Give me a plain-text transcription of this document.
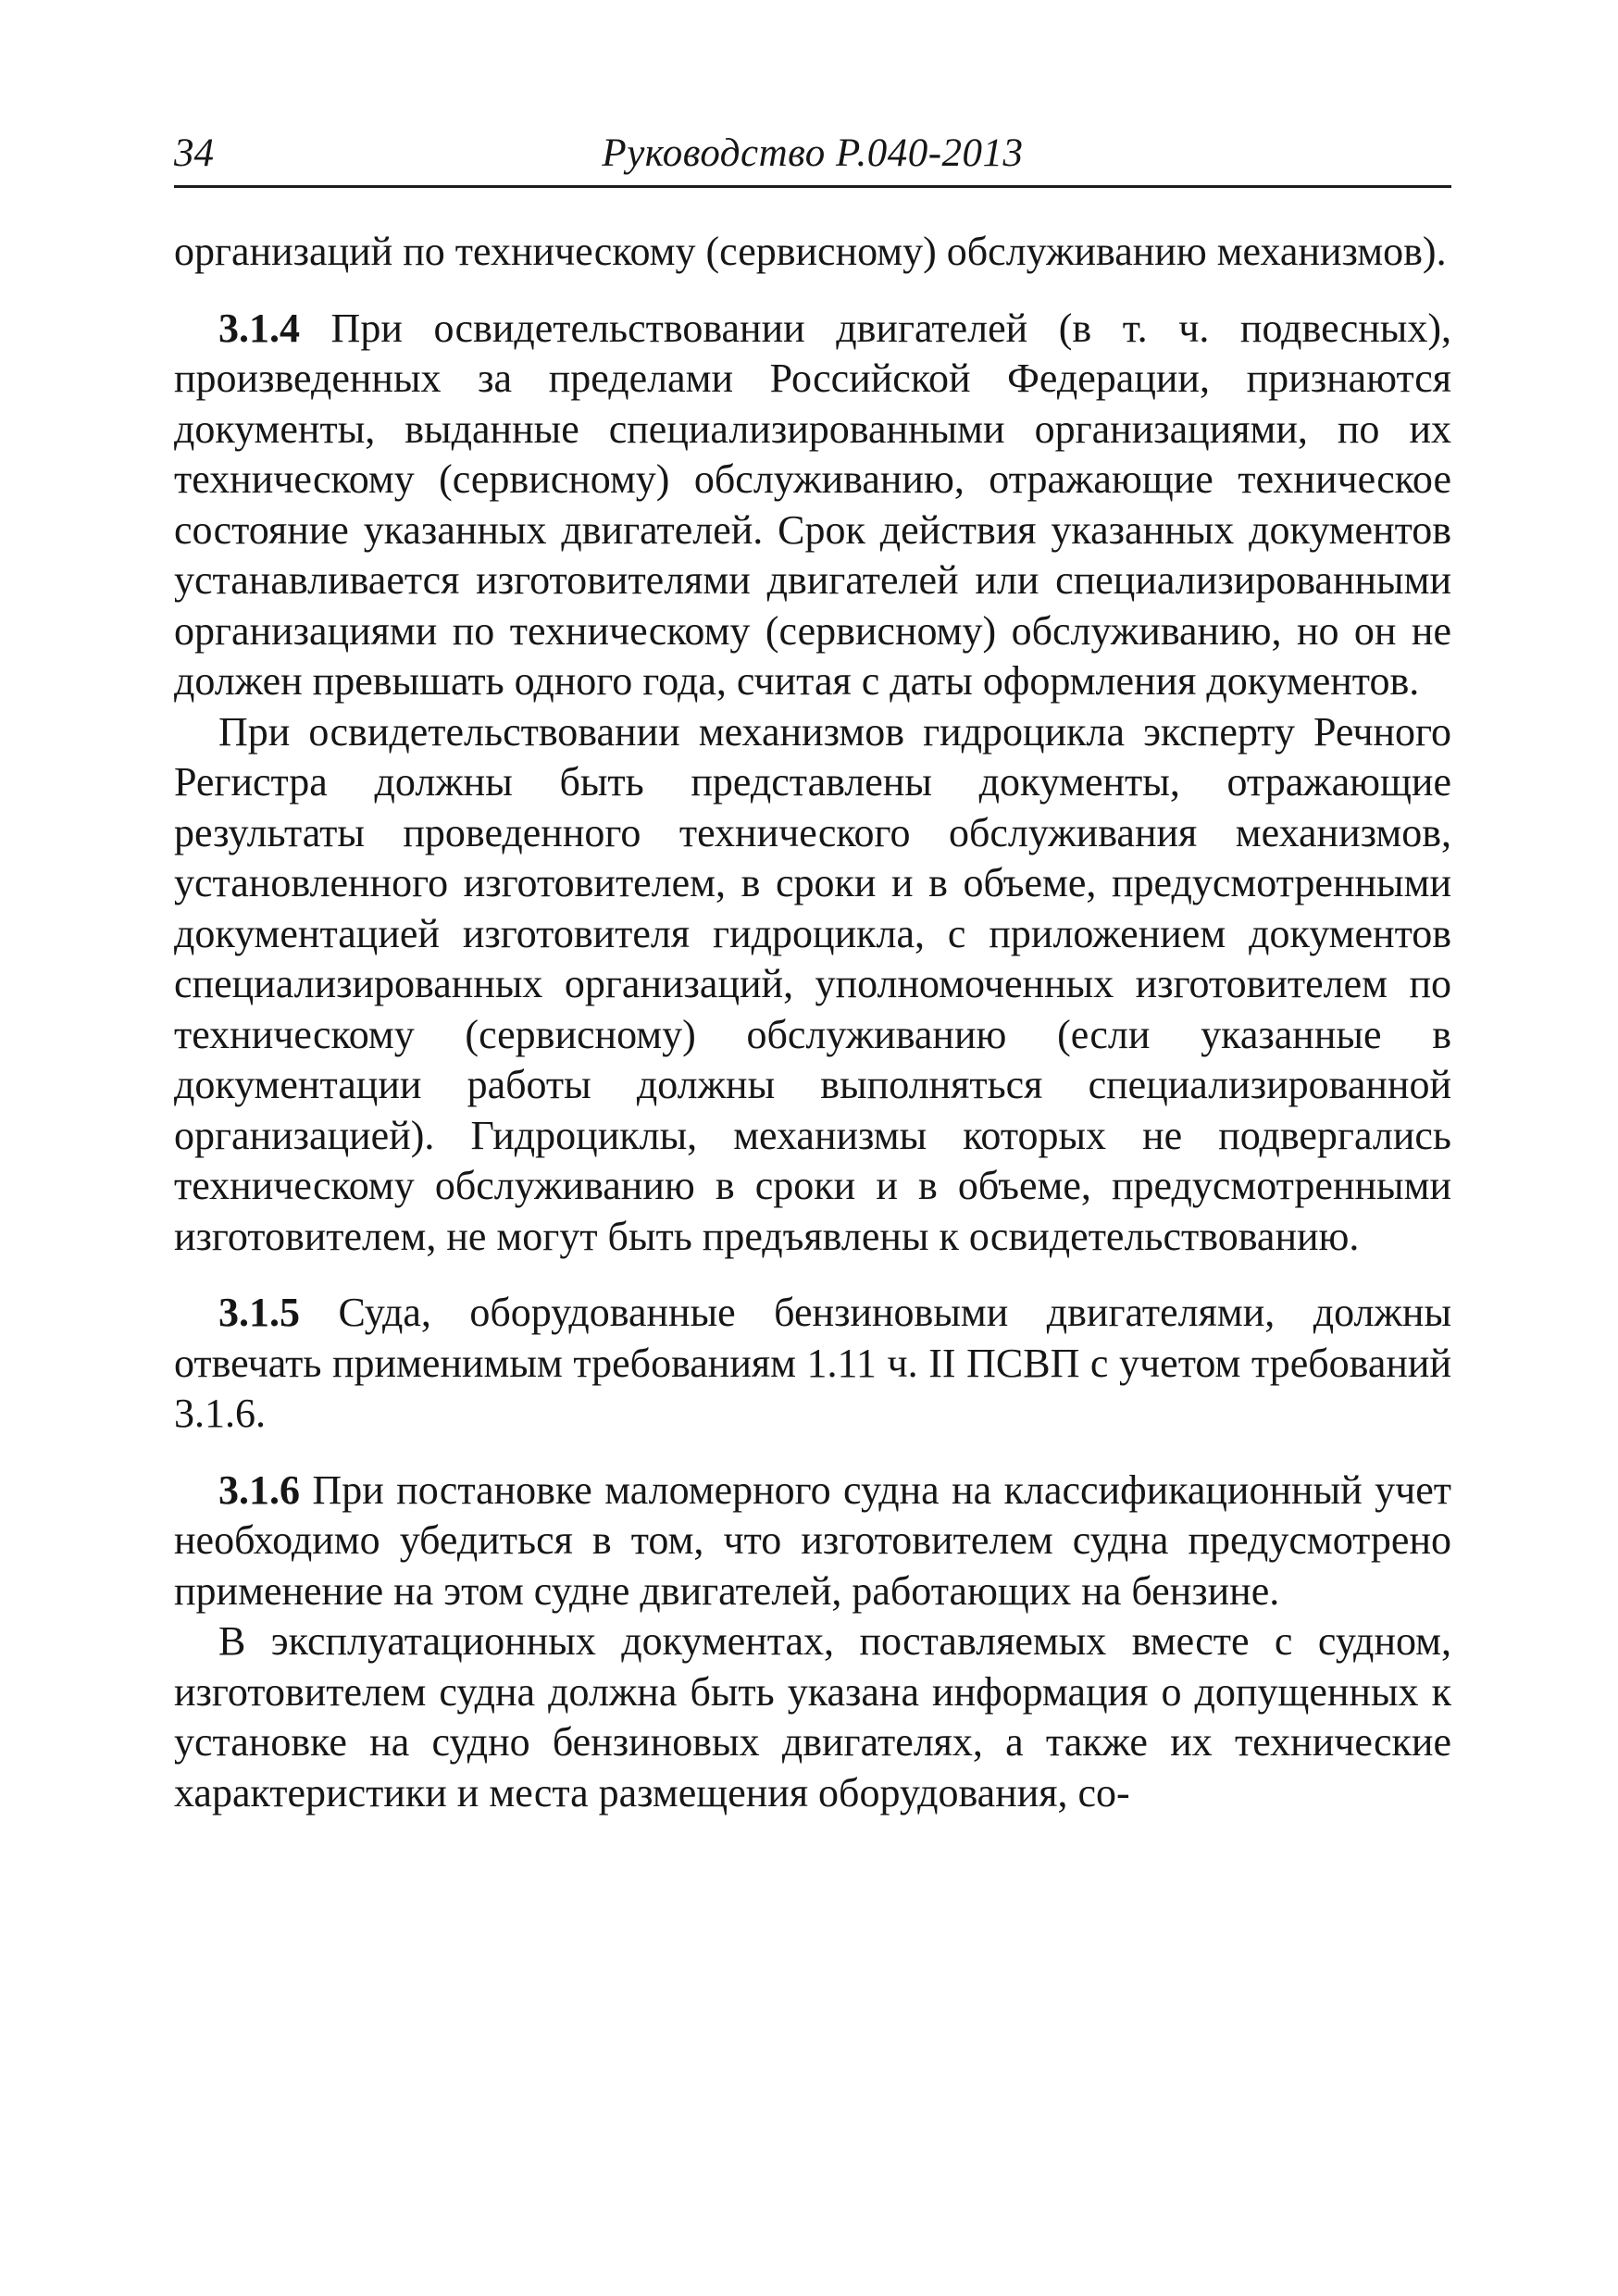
34	Руководство Р.040-2013

организаций по техническому (сервисному) обслуживанию механизмов).

3.1.4 При освидетельствовании двигателей (в т. ч. подвесных), произведенных за пределами Российской Федерации, признаются документы, выданные специализированными организациями, по их техническому (сервисному) обслуживанию, отражающие техническое состояние указанных двигателей. Срок действия указанных документов устанавливается изготовителями двигателей или специализированными организациями по техническому (сервисному) обслуживанию, но он не должен превышать одного года, считая с даты оформления документов.

При освидетельствовании механизмов гидроцикла эксперту Речного Регистра должны быть представлены документы, отражающие результаты проведенного технического обслуживания механизмов, установленного изготовителем, в сроки и в объеме, предусмотренными документацией изготовителя гидроцикла, с приложением документов специализированных организаций, уполномоченных изготовителем по техническому (сервисному) обслуживанию (если указанные в документации работы должны выполняться специализированной организацией). Гидроциклы, механизмы которых не подвергались техническому обслуживанию в сроки и в объеме, предусмотренными изготовителем, не могут быть предъявлены к освидетельствованию.

3.1.5 Суда, оборудованные бензиновыми двигателями, должны отвечать применимым требованиям 1.11 ч. II ПСВП с учетом требований 3.1.6.

3.1.6 При постановке маломерного судна на классификационный учет необходимо убедиться в том, что изготовителем судна предусмотрено применение на этом судне двигателей, работающих на бензине.

В эксплуатационных документах, поставляемых вместе с судном, изготовителем судна должна быть указана информация о допущенных к установке на судно бензиновых двигателях, а также их технические характеристики и места размещения оборудования, со-
